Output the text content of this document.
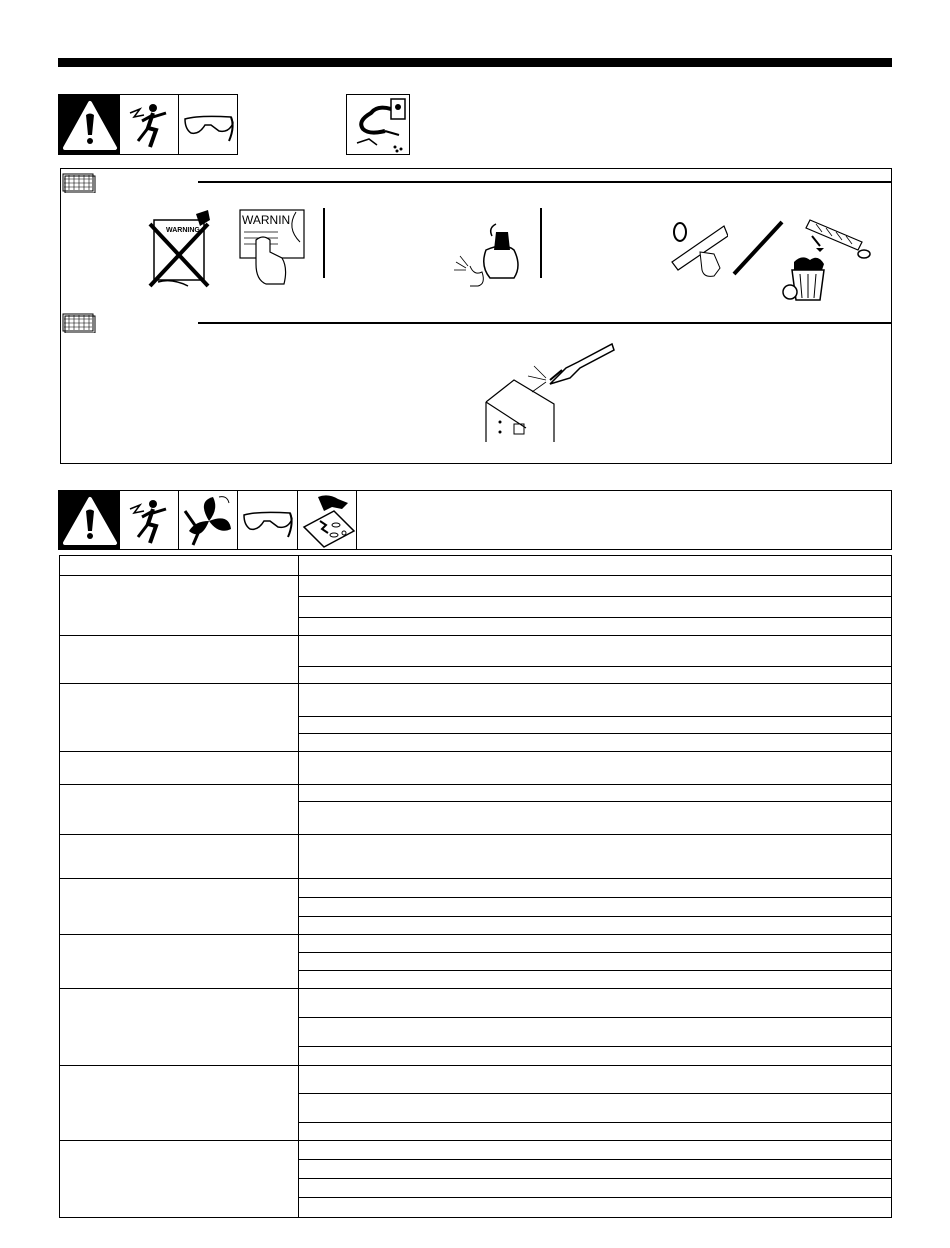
WARNING
WARNIN
